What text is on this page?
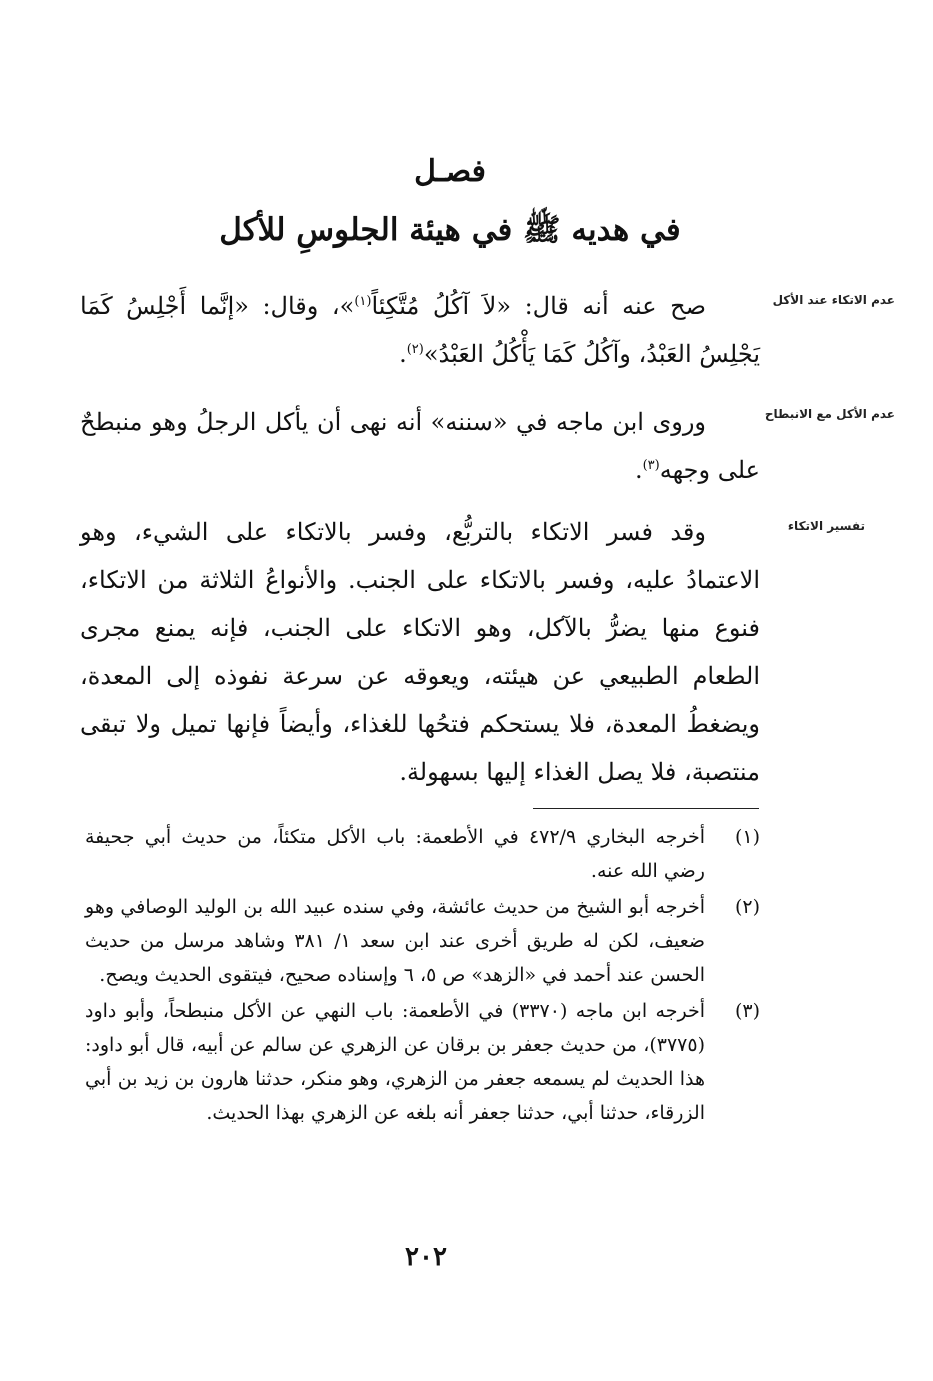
فصـل
في هديه ﷺ في هيئة الجلوسِ للأكل
عدم الاتكاء عند الأكل
عدم الأكل مع الانبطاح
تفسير الاتكاء

صح عنه أنه قال: «لاَ آكُلُ مُتَّكِئاً$^{(١)}$»، وقال: «إنَّما أَجْلِسُ كَمَا يَجْلِسُ العَبْدُ، وآكُلُ كَمَا يَأْكُلُ العَبْدُ»$^{(٢)}$.

وروى ابن ماجه في «سننه» أنه نهى أن يأكل الرجلُ وهو منبطحٌ على وجهه$^{(٣)}$.

وقد فسر الاتكاء بالتربُّع، وفسر بالاتكاء على الشيء، وهو الاعتمادُ عليه، وفسر بالاتكاء على الجنب. والأنواعُ الثلاثة من الاتكاء، فنوع منها يضرُّ بالآكل، وهو الاتكاء على الجنب، فإنه يمنع مجرى الطعام الطبيعي عن هيئته، ويعوقه عن سرعة نفوذه إلى المعدة، ويضغطُ المعدة، فلا يستحكم فتحُها للغذاء، وأيضاً فإنها تميل ولا تبقى منتصبة، فلا يصل الغذاء إليها بسهولة.

(١)
أخرجه البخاري ٤٧٢/٩ في الأطعمة: باب الأكل متكئاً، من حديث أبي جحيفة رضي الله عنه.
(٢)
أخرجه أبو الشيخ من حديث عائشة، وفي سنده عبيد الله بن الوليد الوصافي وهو ضعيف، لكن له طريق أخرى عند ابن سعد ١/ ٣٨١ وشاهد مرسل من حديث الحسن عند أحمد في «الزهد» ص ٥، ٦ وإسناده صحيح، فيتقوى الحديث ويصح.
(٣)
أخرجه ابن ماجه (٣٣٧٠) في الأطعمة: باب النهي عن الأكل منبطحاً، وأبو داود (٣٧٧٥)، من حديث جعفر بن برقان عن الزهري عن سالم عن أبيه، قال أبو داود: هذا الحديث لم يسمعه جعفر من الزهري، وهو منكر، حدثنا هارون بن زيد بن أبي الزرقاء، حدثنا أبي، حدثنا جعفر أنه بلغه عن الزهري بهذا الحديث.
٢٠٢
